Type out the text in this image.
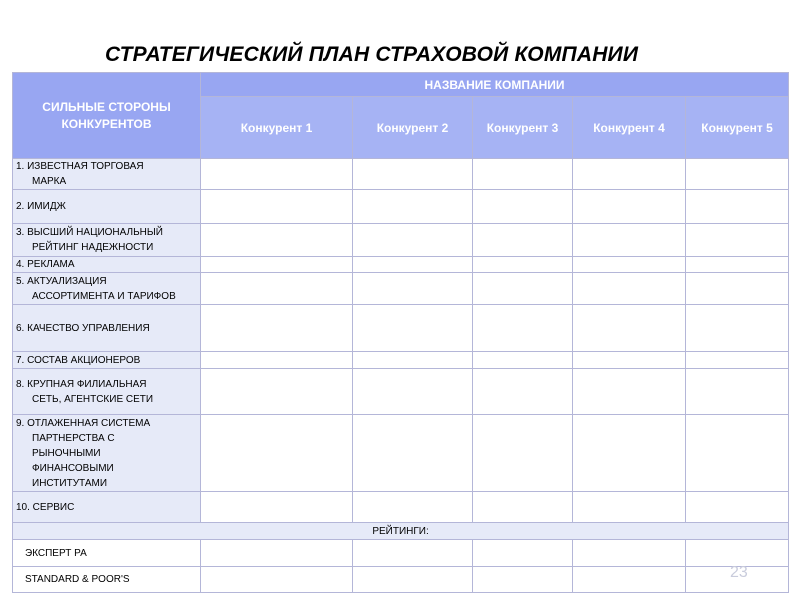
СТРАТЕГИЧЕСКИЙ ПЛАН СТРАХОВОЙ КОМПАНИИ
СИЛЬНЫЕ СТОРОНЫ
КОНКУРЕНТОВ	НАЗВАНИЕ КОМПАНИИ				
	Конкурент 1	Конкурент 2	Конкурент 3	Конкурент 4	Конкурент 5

1. ИЗВЕСТНАЯ ТОРГОВАЯ
МАРКА					

2. ИМИДЖ					

3. ВЫСШИЙ НАЦИОНАЛЬНЫЙ
РЕЙТИНГ НАДЕЖНОСТИ					

4. РЕКЛАМА					

5. АКТУАЛИЗАЦИЯ
АССОРТИМЕНТА И ТАРИФОВ					

6. КАЧЕСТВО УПРАВЛЕНИЯ					

7. СОСТАВ АКЦИОНЕРОВ					

8. КРУПНАЯ ФИЛИАЛЬНАЯ
СЕТЬ, АГЕНТСКИЕ СЕТИ					

9. ОТЛАЖЕННАЯ СИСТЕМА
ПАРТНЕРСТВА С
РЫНОЧНЫМИ
ФИНАНСОВЫМИ
ИНСТИТУТАМИ					

10. СЕРВИС					

РЕЙТИНГИ:					
ЭКСПЕРТ РА					
STANDARD & POOR'S						23
